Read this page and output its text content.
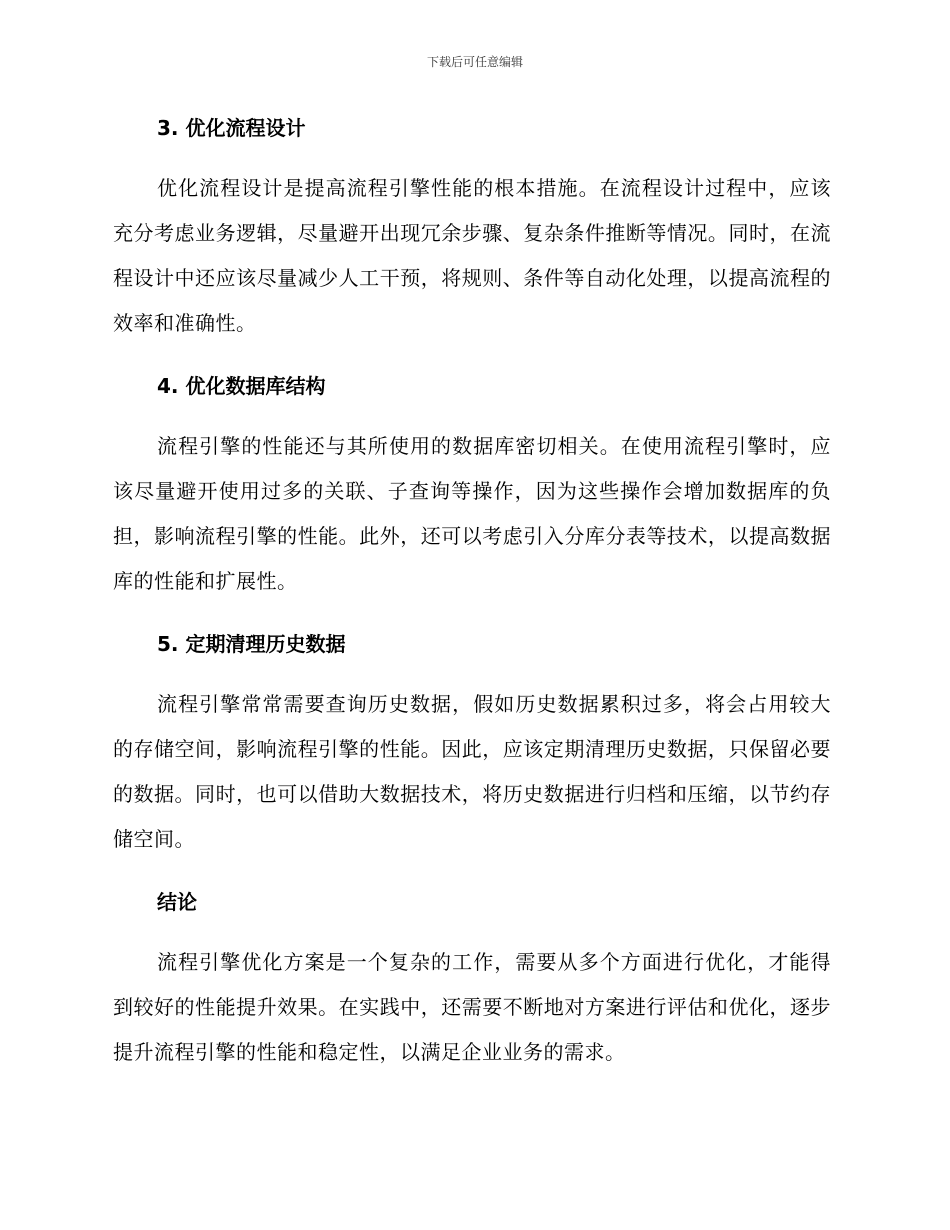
下载后可任意编辑
3. 优化流程设计

优化流程设计是提高流程引擎性能的根本措施。在流程设计过程中，应该充分考虑业务逻辑，尽量避开出现冗余步骤、复杂条件推断等情况。同时，在流程设计中还应该尽量减少人工干预，将规则、条件等自动化处理，以提高流程的效率和准确性。

4. 优化数据库结构

流程引擎的性能还与其所使用的数据库密切相关。在使用流程引擎时，应该尽量避开使用过多的关联、子查询等操作，因为这些操作会增加数据库的负担，影响流程引擎的性能。此外，还可以考虑引入分库分表等技术，以提高数据库的性能和扩展性。

5. 定期清理历史数据

流程引擎常常需要查询历史数据，假如历史数据累积过多，将会占用较大的存储空间，影响流程引擎的性能。因此，应该定期清理历史数据，只保留必要的数据。同时，也可以借助大数据技术，将历史数据进行归档和压缩，以节约存储空间。

结论

流程引擎优化方案是一个复杂的工作，需要从多个方面进行优化，才能得到较好的性能提升效果。在实践中，还需要不断地对方案进行评估和优化，逐步提升流程引擎的性能和稳定性，以满足企业业务的需求。
